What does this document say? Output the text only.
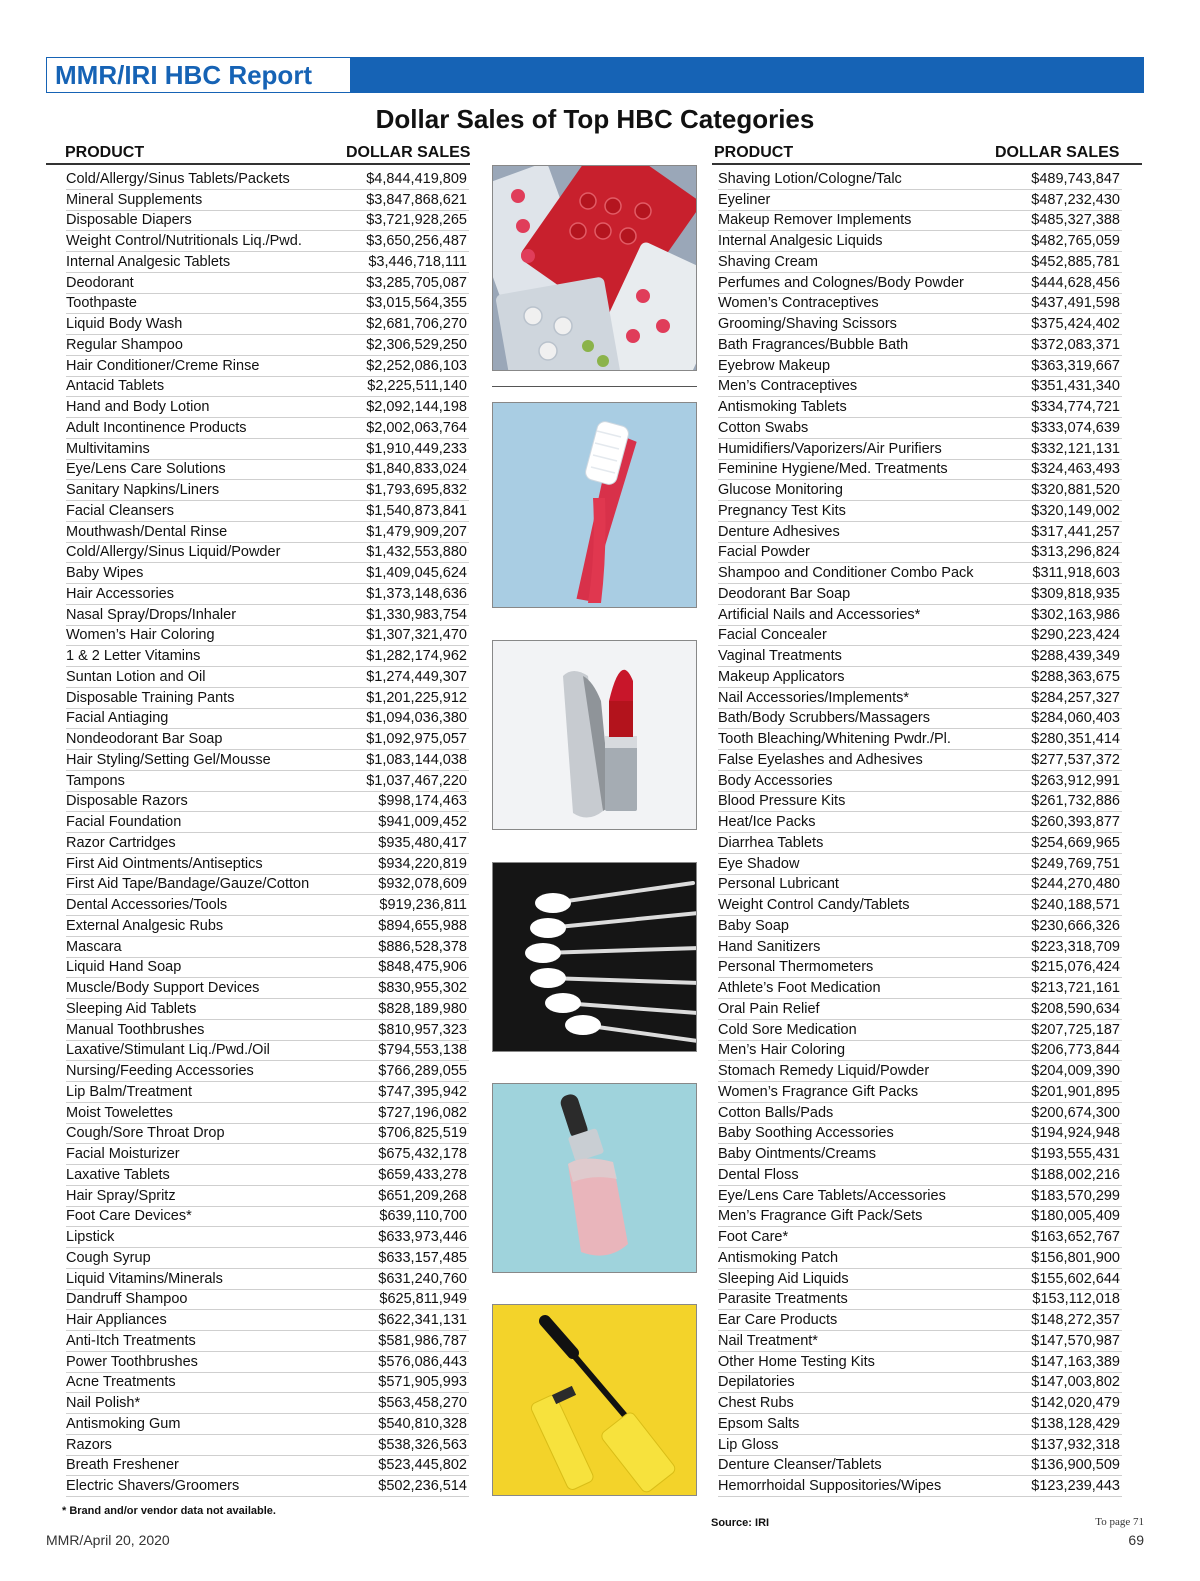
MMR/IRI HBC Report
Dollar Sales of Top HBC Categories
PRODUCT	DOLLAR SALES	PRODUCT	DOLLAR SALES
Cold/Allergy/Sinus Tablets/Packets	$4,844,419,809
Mineral Supplements	$3,847,868,621
Disposable Diapers	$3,721,928,265
Weight Control/Nutritionals Liq./Pwd.	$3,650,256,487
Internal Analgesic Tablets	$3,446,718,111
Deodorant	$3,285,705,087
Toothpaste	$3,015,564,355
Liquid Body Wash	$2,681,706,270
Regular Shampoo	$2,306,529,250
Hair Conditioner/Creme Rinse	$2,252,086,103
Antacid Tablets	$2,225,511,140
Hand and Body Lotion	$2,092,144,198
Adult Incontinence Products	$2,002,063,764
Multivitamins	$1,910,449,233
Eye/Lens Care Solutions	$1,840,833,024
Sanitary Napkins/Liners	$1,793,695,832
Facial Cleansers	$1,540,873,841
Mouthwash/Dental Rinse	$1,479,909,207
Cold/Allergy/Sinus Liquid/Powder	$1,432,553,880
Baby Wipes	$1,409,045,624
Hair Accessories	$1,373,148,636
Nasal Spray/Drops/Inhaler	$1,330,983,754
Women’s Hair Coloring	$1,307,321,470
1 & 2 Letter Vitamins	$1,282,174,962
Suntan Lotion and Oil	$1,274,449,307
Disposable Training Pants	$1,201,225,912
Facial Antiaging	$1,094,036,380
Nondeodorant Bar Soap	$1,092,975,057
Hair Styling/Setting Gel/Mousse	$1,083,144,038
Tampons	$1,037,467,220
Disposable Razors	$998,174,463
Facial Foundation	$941,009,452
Razor Cartridges	$935,480,417
First Aid Ointments/Antiseptics	$934,220,819
First Aid Tape/Bandage/Gauze/Cotton	$932,078,609
Dental Accessories/Tools	$919,236,811
External Analgesic Rubs	$894,655,988
Mascara	$886,528,378
Liquid Hand Soap	$848,475,906
Muscle/Body Support Devices	$830,955,302
Sleeping Aid Tablets	$828,189,980
Manual Toothbrushes	$810,957,323
Laxative/Stimulant Liq./Pwd./Oil	$794,553,138
Nursing/Feeding Accessories	$766,289,055
Lip Balm/Treatment	$747,395,942
Moist Towelettes	$727,196,082
Cough/Sore Throat Drop	$706,825,519
Facial Moisturizer	$675,432,178
Laxative Tablets	$659,433,278
Hair Spray/Spritz	$651,209,268
Foot Care Devices*	$639,110,700
Lipstick	$633,973,446
Cough Syrup	$633,157,485
Liquid Vitamins/Minerals	$631,240,760
Dandruff Shampoo	$625,811,949
Hair Appliances	$622,341,131
Anti-Itch Treatments	$581,986,787
Power Toothbrushes	$576,086,443
Acne Treatments	$571,905,993
Nail Polish*	$563,458,270
Antismoking Gum	$540,810,328
Razors	$538,326,563
Breath Freshener	$523,445,802
Electric Shavers/Groomers	$502,236,514
Shaving Lotion/Cologne/Talc	$489,743,847
Eyeliner	$487,232,430
Makeup Remover Implements	$485,327,388
Internal Analgesic Liquids	$482,765,059
Shaving Cream	$452,885,781
Perfumes and Colognes/Body Powder	$444,628,456
Women’s Contraceptives	$437,491,598
Grooming/Shaving Scissors	$375,424,402
Bath Fragrances/Bubble Bath	$372,083,371
Eyebrow Makeup	$363,319,667
Men’s Contraceptives	$351,431,340
Antismoking Tablets	$334,774,721
Cotton Swabs	$333,074,639
Humidifiers/Vaporizers/Air Purifiers	$332,121,131
Feminine Hygiene/Med. Treatments	$324,463,493
Glucose Monitoring	$320,881,520
Pregnancy Test Kits	$320,149,002
Denture Adhesives	$317,441,257
Facial Powder	$313,296,824
Shampoo and Conditioner Combo Pack	$311,918,603
Deodorant Bar Soap	$309,818,935
Artificial Nails and Accessories*	$302,163,986
Facial Concealer	$290,223,424
Vaginal Treatments	$288,439,349
Makeup Applicators	$288,363,675
Nail Accessories/Implements*	$284,257,327
Bath/Body Scrubbers/Massagers	$284,060,403
Tooth Bleaching/Whitening Pwdr./Pl.	$280,351,414
False Eyelashes and Adhesives	$277,537,372
Body Accessories	$263,912,991
Blood Pressure Kits	$261,732,886
Heat/Ice Packs	$260,393,877
Diarrhea Tablets	$254,669,965
Eye Shadow	$249,769,751
Personal Lubricant	$244,270,480
Weight Control Candy/Tablets	$240,188,571
Baby Soap	$230,666,326
Hand Sanitizers	$223,318,709
Personal Thermometers	$215,076,424
Athlete’s Foot Medication	$213,721,161
Oral Pain Relief	$208,590,634
Cold Sore Medication	$207,725,187
Men’s Hair Coloring	$206,773,844
Stomach Remedy Liquid/Powder	$204,009,390
Women’s Fragrance Gift Packs	$201,901,895
Cotton Balls/Pads	$200,674,300
Baby Soothing Accessories	$194,924,948
Baby Ointments/Creams	$193,555,431
Dental Floss	$188,002,216
Eye/Lens Care Tablets/Accessories	$183,570,299
Men’s Fragrance Gift Pack/Sets	$180,005,409
Foot Care*	$163,652,767
Antismoking Patch	$156,801,900
Sleeping Aid Liquids	$155,602,644
Parasite Treatments	$153,112,018
Ear Care Products	$148,272,357
Nail Treatment*	$147,570,987
Other Home Testing Kits	$147,163,389
Depilatories	$147,003,802
Chest Rubs	$142,020,479
Epsom Salts	$138,128,429
Lip Gloss	$137,932,318
Denture Cleanser/Tablets	$136,900,509
Hemorrhoidal Suppositories/Wipes	$123,239,443
* Brand and/or vendor data not available.
Source: IRI	To page 71
MMR/April 20, 2020	69
